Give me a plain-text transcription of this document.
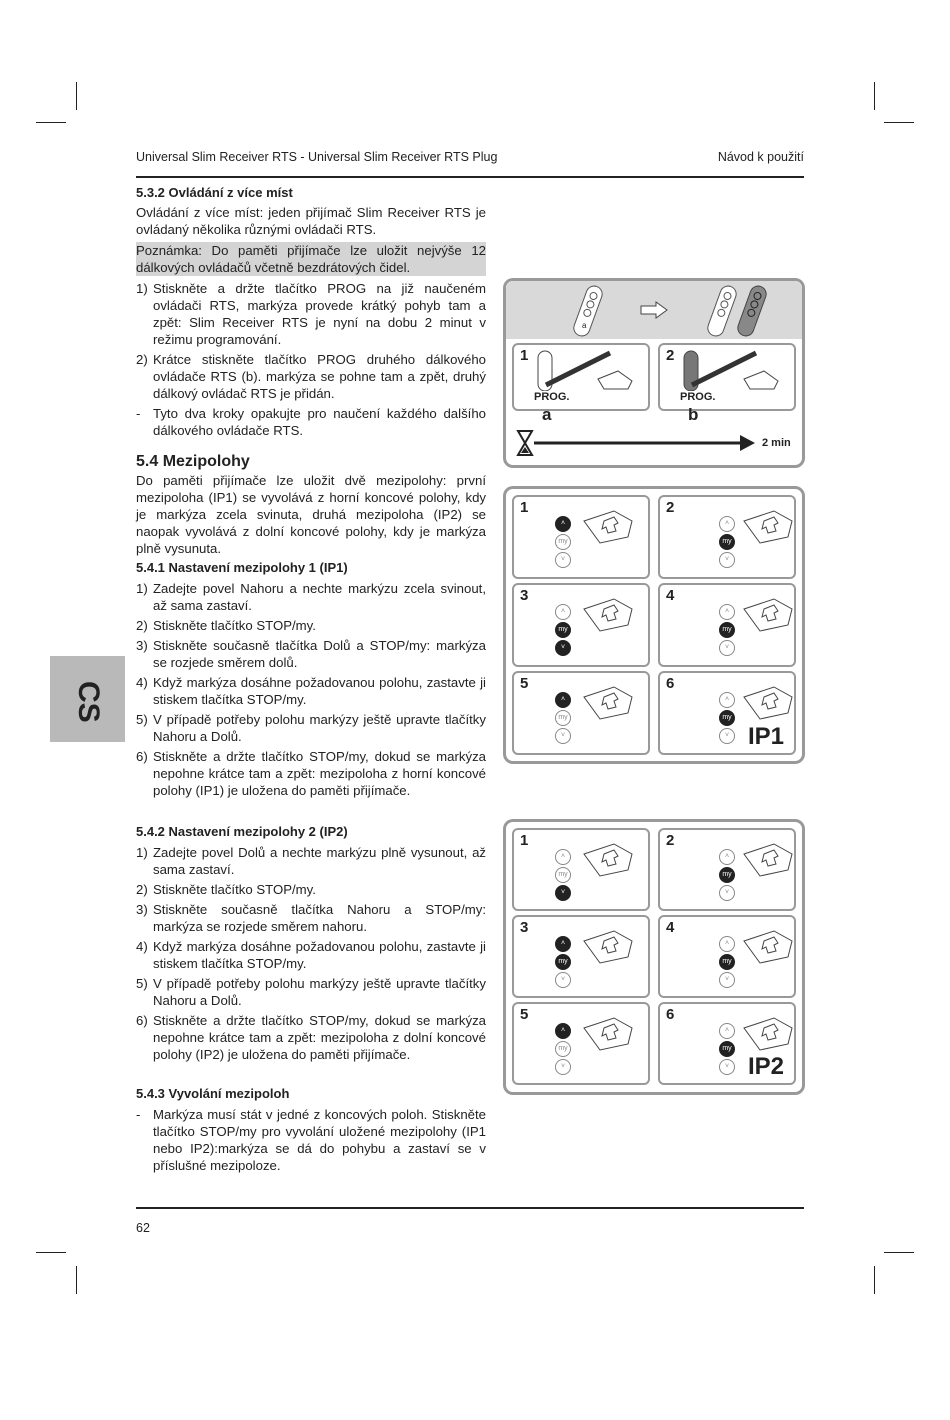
Universal Slim Receiver RTS - Universal Slim Receiver RTS Plug	Návod k použití
CS
5.3.2 Ovládání z více míst

Ovládání z více míst: jeden přijímač Slim Receiver RTS je ovládaný několika různými ovládači RTS.

Poznámka: Do paměti přijímače lze uložit nejvýše 12 dálkových ovládačů včetně bezdrátových čidel.

1) Stiskněte a držte tlačítko PROG na již naučeném ovládači RTS, markýza provede krátký pohyb tam a zpět: Slim Receiver RTS je nyní na dobu 2 minut v režimu programování.
2) Krátce stiskněte tlačítko PROG druhého dálkového ovládače RTS (b). markýza se pohne tam a zpět, druhý dálkový ovládač RTS je přidán.
- Tyto dva kroky opakujte pro naučení každého dalšího dálkového ovládače RTS.
5.4 Mezipolohy

Do paměti přijímače lze uložit dvě mezipolohy: první mezipoloha (IP1) se vyvolává z horní koncové polohy, kdy je markýza zcela svinuta, druhá mezipoloha (IP2) se naopak vyvolává z dolní koncové polohy, kdy je markýza plně vysunuta.

5.4.1 Nastavení mezipolohy 1 (IP1)
1) Zadejte povel Nahoru a nechte markýzu zcela svinout, až sama zastaví.
2) Stiskněte tlačítko STOP/my.
3) Stiskněte současně tlačítka Dolů a STOP/my: markýza se rozjede směrem dolů.
4) Když markýza dosáhne požadovanou polohu, zastavte ji stiskem tlačítka STOP/my.
5) V případě potřeby polohu markýzy ještě upravte tlačítky Nahoru a Dolů.
6) Stiskněte a držte tlačítko STOP/my, dokud se markýza nepohne krátce tam a zpět: mezipoloha z horní koncové polohy (IP1) je uložena do paměti přijímače.
5.4.2 Nastavení mezipolohy 2 (IP2)
1) Zadejte povel Dolů a nechte markýzu plně vysunout, až sama zastaví.
2) Stiskněte tlačítko STOP/my.
3) Stiskněte současně tlačítka Nahoru a STOP/my: markýza se rozjede směrem nahoru.
4) Když markýza dosáhne požadovanou polohu, zastavte ji stiskem tlačítka STOP/my.
5) V případě potřeby polohu markýzy ještě upravte tlačítky Nahoru a Dolů.
6) Stiskněte a držte tlačítko STOP/my, dokud se markýza nepohne krátce tam a zpět: mezipoloha z dolní koncové polohy (IP2) je uložena do paměti přijímače.
5.4.3 Vyvolání mezipoloh
- Markýza musí stát v jedné z koncových poloh. Stiskněte tlačítko STOP/my pro vyvolání uložené mezipolohy (IP1 nebo IP2):markýza se dá do pohybu a zastaví se v příslušné mezipoloze.
a
1
PROG.
2
PROG.
a	b
2 min
1
˄
my
˅
2
˄
my
˅
3
˄
my
˅
4
˄
my
˅
5
˄
my
˅
6
˄
my
˅ IP1
1
˄
my
˅
2
˄
my
˅
3
˄
my
˅
4
˄
my
˅
5
˄
my
˅
6
˄
my
˅ IP2
62
